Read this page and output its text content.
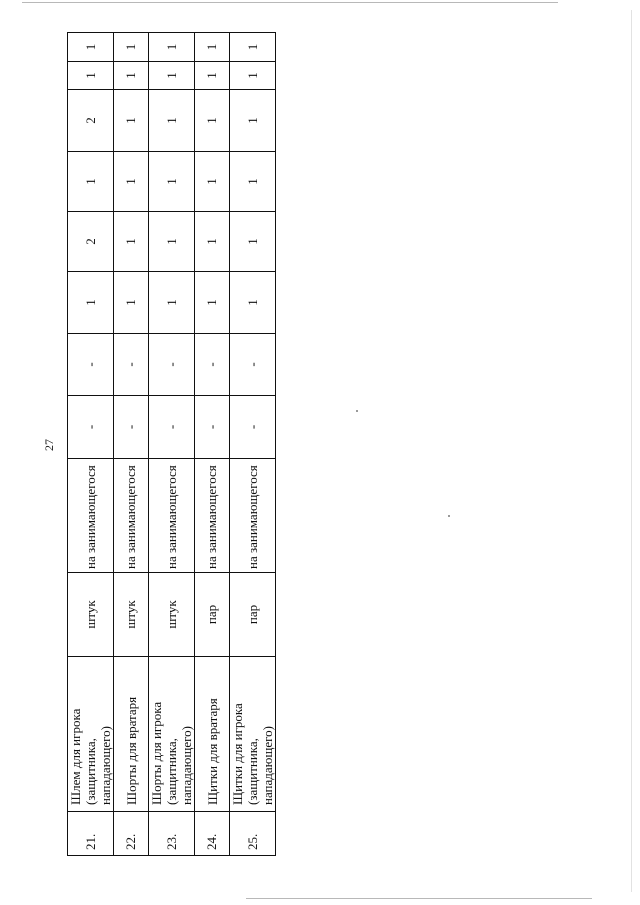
27
21.	Шлем для игрока (защитника, нападающего)	штук	на занимающегося	-	-	1	2	1	2	1	1
22.	Шорты для вратаря	штук	на занимающегося	-	-	1	1	1	1	1	1
23.	Шорты для игрока (защитника, нападающего)	штук	на занимающегося	-	-	1	1	1	1	1	1
24.	Щитки для вратаря	пар	на занимающегося	-	-	1	1	1	1	1	1
25.	Щитки для игрока (защитника, нападающего)	пар	на занимающегося	-	-	1	1	1	1	1	1
